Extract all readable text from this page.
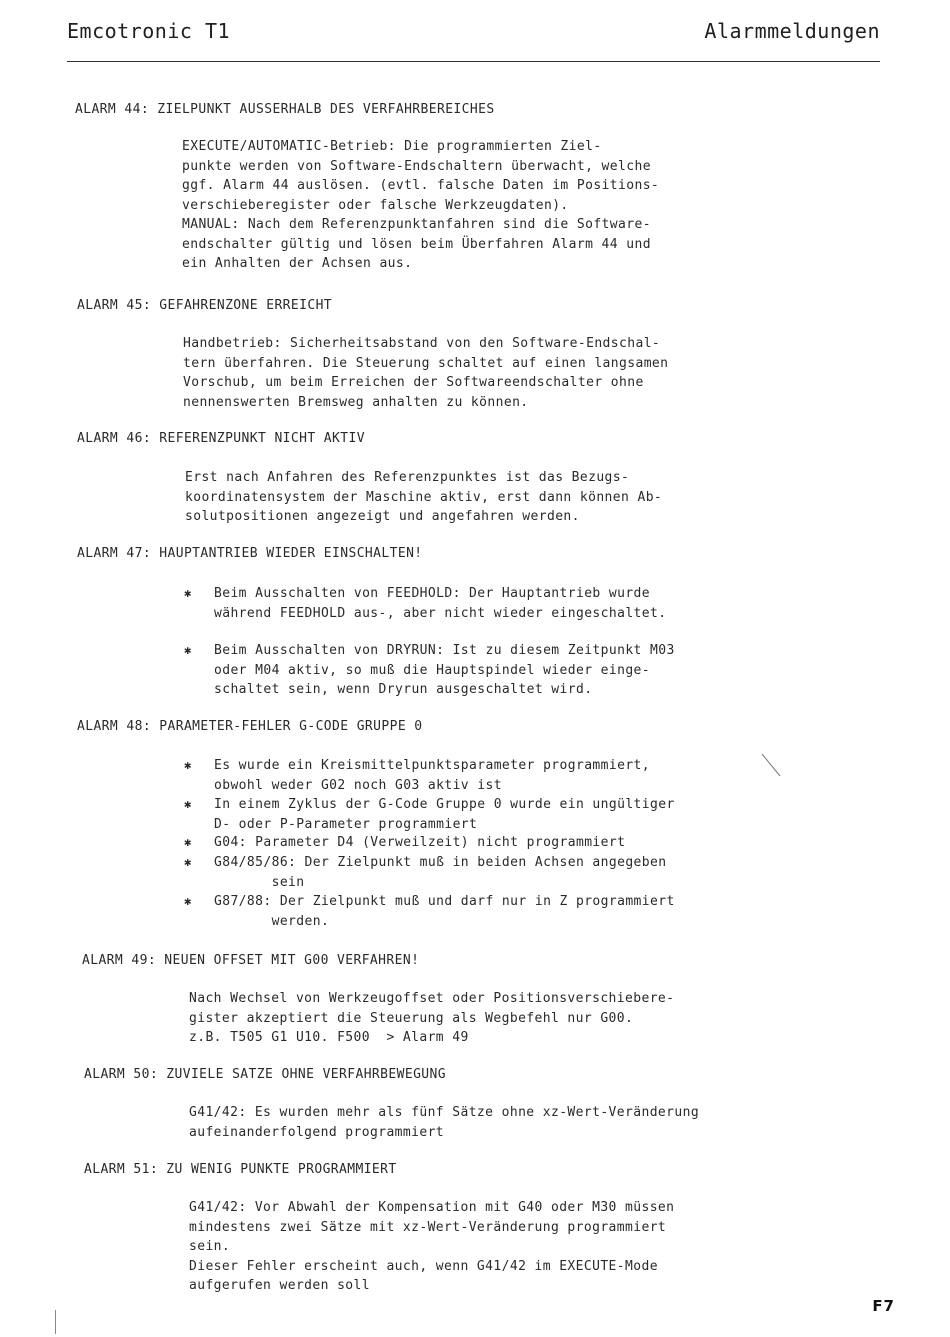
Emcotronic T1	Alarmmeldungen
ALARM 44: ZIELPUNKT AUSSERHALB DES VERFAHRBEREICHES
EXECUTE/AUTOMATIC-Betrieb: Die programmierten Ziel-
punkte werden von Software-Endschaltern überwacht, welche
ggf. Alarm 44 auslösen. (evtl. falsche Daten im Positions-
verschieberegister oder falsche Werkzeugdaten).
MANUAL: Nach dem Referenzpunktanfahren sind die Software-
endschalter gültig und lösen beim Überfahren Alarm 44 und
ein Anhalten der Achsen aus.
ALARM 45: GEFAHRENZONE ERREICHT
Handbetrieb: Sicherheitsabstand von den Software-Endschal-
tern überfahren. Die Steuerung schaltet auf einen langsamen
Vorschub, um beim Erreichen der Softwareendschalter ohne
nennenswerten Bremsweg anhalten zu können.
ALARM 46: REFERENZPUNKT NICHT AKTIV
Erst nach Anfahren des Referenzpunktes ist das Bezugs-
koordinatensystem der Maschine aktiv, erst dann können Ab-
solutpositionen angezeigt und angefahren werden.
ALARM 47: HAUPTANTRIEB WIEDER EINSCHALTEN!
✱ Beim Ausschalten von FEEDHOLD: Der Hauptantrieb wurde
während FEEDHOLD aus-, aber nicht wieder eingeschaltet.
✱ Beim Ausschalten von DRYRUN: Ist zu diesem Zeitpunkt M03
oder M04 aktiv, so muß die Hauptspindel wieder einge-
schaltet sein, wenn Dryrun ausgeschaltet wird.
ALARM 48: PARAMETER-FEHLER G-CODE GRUPPE 0
✱ Es wurde ein Kreismittelpunktsparameter programmiert,
obwohl weder G02 noch G03 aktiv ist
✱ In einem Zyklus der G-Code Gruppe 0 wurde ein ungültiger
D- oder P-Parameter programmiert
✱ G04: Parameter D4 (Verweilzeit) nicht programmiert
✱ G84/85/86: Der Zielpunkt muß in beiden Achsen angegeben
sein
✱ G87/88: Der Zielpunkt muß und darf nur in Z programmiert
werden.
ALARM 49: NEUEN OFFSET MIT G00 VERFAHREN!
Nach Wechsel von Werkzeugoffset oder Positionsverschiebere-
gister akzeptiert die Steuerung als Wegbefehl nur G00.
z.B. T505 G1 U10. F500  > Alarm 49
ALARM 50: ZUVIELE SATZE OHNE VERFAHRBEWEGUNG
G41/42: Es wurden mehr als fünf Sätze ohne xz-Wert-Veränderung
aufeinanderfolgend programmiert
ALARM 51: ZU WENIG PUNKTE PROGRAMMIERT
G41/42: Vor Abwahl der Kompensation mit G40 oder M30 müssen
mindestens zwei Sätze mit xz-Wert-Veränderung programmiert
sein.
Dieser Fehler erscheint auch, wenn G41/42 im EXECUTE-Mode
aufgerufen werden soll
F7
